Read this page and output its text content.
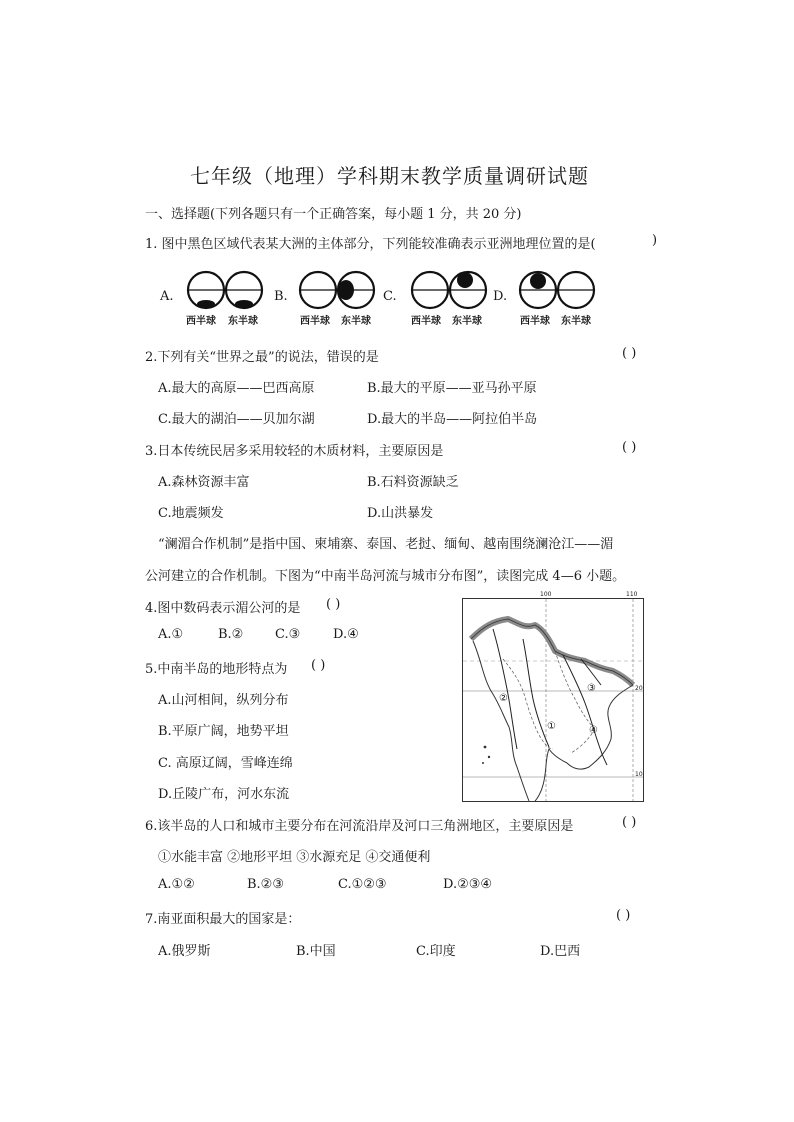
七年级（地理）学科期末教学质量调研试题
一、选择题(下列各题只有一个正确答案，每小题 1 分，共 20 分)
1. 图中黑色区域代表某大洲的主体部分，下列能较准确表示亚洲地理位置的是(	)
A.
西半球 东半球
B.
西半球 东半球
C.
西半球 东半球
D.
西半球 东半球
2.下列有关“世界之最”的说法，错误的是	( )
A.最大的高原——巴西高原	B.最大的平原——亚马孙平原
C.最大的湖泊——贝加尔湖	D.最大的半岛——阿拉伯半岛
3.日本传统民居多采用较轻的木质材料，主要原因是	( )
A.森林资源丰富	B.石料资源缺乏
C.地震频发	D.山洪暴发
“澜湄合作机制”是指中国、柬埔寨、泰国、老挝、缅甸、越南围绕澜沧江——湄
公河建立的合作机制。下图为“中南半岛河流与城市分布图”，读图完成 4—6 小题。
4.图中数码表示湄公河的是 ( )
A.①	B.② C.③	D.④
5.中南半岛的地形特点为 ( )
A.山河相间，纵列分布
B.平原广阔，地势平坦
C. 高原辽阔，雪峰连绵
D.丘陵广布，河水东流
②
①
③
④
100	110
20
10
6.该半岛的人口和城市主要分布在河流沿岸及河口三角洲地区，主要原因是	( )
①水能丰富 ②地形平坦 ③水源充足 ④交通便利
A.①②	B.②③	C.①②③	D.②③④
7.南亚面积最大的国家是：	( )
A.俄罗斯	B.中国	C.印度	D.巴西
